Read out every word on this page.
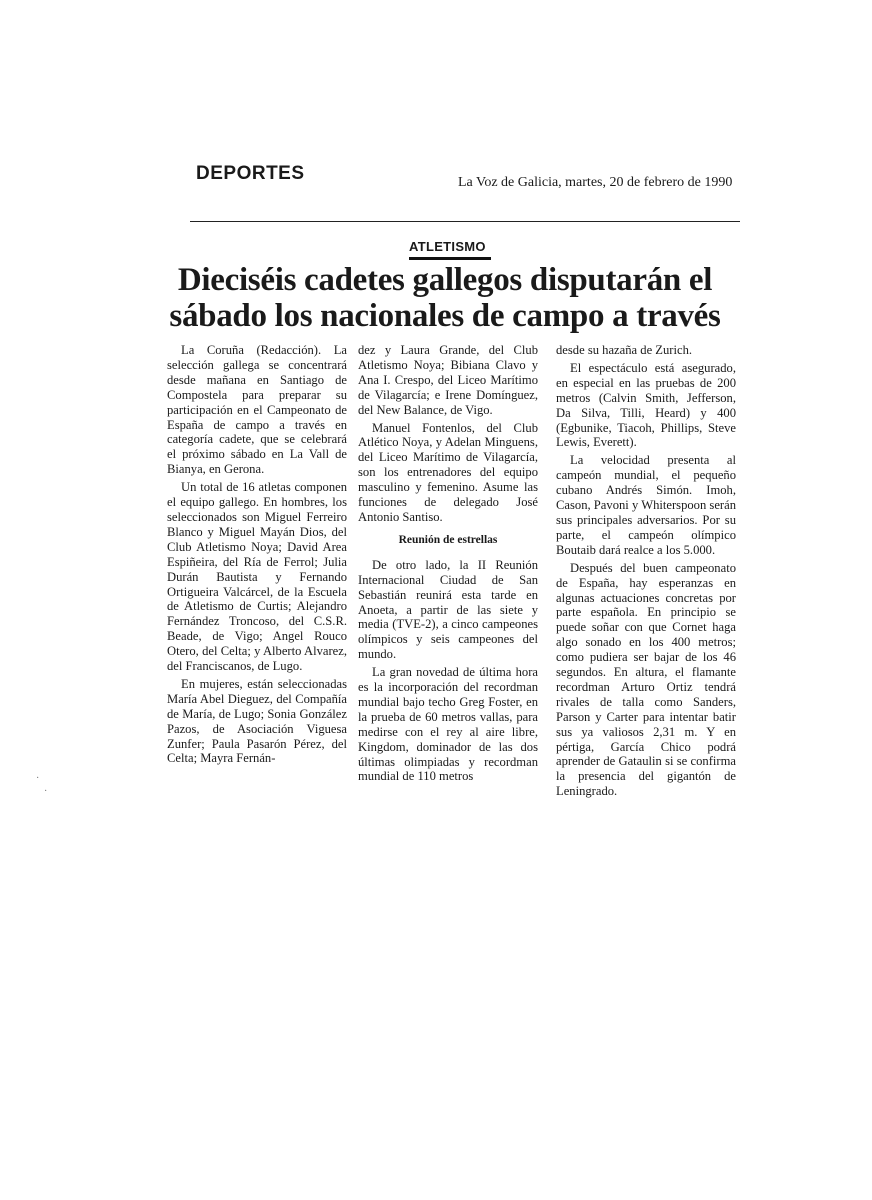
DEPORTES	La Voz de Galicia, martes, 20 de febrero de 1990
ATLETISMO
Dieciséis cadetes gallegos disputarán el sábado los nacionales de campo a través

La Coruña (Redacción). La selección gallega se concentrará desde mañana en Santiago de Compostela para preparar su participación en el Campeonato de España de campo a través en categoría cadete, que se celebrará el próximo sábado en La Vall de Bianya, en Gerona.

Un total de 16 atletas componen el equipo gallego. En hombres, los seleccionados son Miguel Ferreiro Blanco y Miguel Mayán Dios, del Club Atletismo Noya; David Area Espiñeira, del Ría de Ferrol; Julia Durán Bautista y Fernando Ortigueira Valcárcel, de la Escuela de Atletismo de Curtis; Alejandro Fernández Troncoso, del C.S.R. Beade, de Vigo; Angel Rouco Otero, del Celta; y Alberto Alvarez, del Franciscanos, de Lugo.

En mujeres, están seleccionadas María Abel Dieguez, del Compañía de María, de Lugo; Sonia González Pazos, de Asociación Viguesa Zunfer; Paula Pasarón Pérez, del Celta; Mayra Fernán-

dez y Laura Grande, del Club Atletismo Noya; Bibiana Clavo y Ana I. Crespo, del Liceo Marítimo de Vilagarcía; e Irene Domínguez, del New Balance, de Vigo.

Manuel Fontenlos, del Club Atlético Noya, y Adelan Minguens, del Liceo Marítimo de Vilagarcía, son los entrenadores del equipo masculino y femenino. Asume las funciones de delegado José Antonio Santiso.

Reunión de estrellas

De otro lado, la II Reunión Internacional Ciudad de San Sebastián reunirá esta tarde en Anoeta, a partir de las siete y media (TVE-2), a cinco campeones olímpicos y seis campeones del mundo.

La gran novedad de última hora es la incorporación del recordman mundial bajo techo Greg Foster, en la prueba de 60 metros vallas, para medirse con el rey al aire libre, Kingdom, dominador de las dos últimas olimpiadas y recordman mundial de 110 metros

desde su hazaña de Zurich.

El espectáculo está asegurado, en especial en las pruebas de 200 metros (Calvin Smith, Jefferson, Da Silva, Tilli, Heard) y 400 (Egbunike, Tiacoh, Phillips, Steve Lewis, Everett).

La velocidad presenta al campeón mundial, el pequeño cubano Andrés Simón. Imoh, Cason, Pavoni y Whiterspoon serán sus principales adversarios. Por su parte, el campeón olímpico Boutaib dará realce a los 5.000.

Después del buen campeonato de España, hay esperanzas en algunas actuaciones concretas por parte española. En principio se puede soñar con que Cornet haga algo sonado en los 400 metros; como pudiera ser bajar de los 46 segundos. En altura, el flamante recordman Arturo Ortiz tendrá rivales de talla como Sanders, Parson y Carter para intentar batir sus ya valiosos 2,31 m. Y en pértiga, García Chico podrá aprender de Gataulin si se confirma la presencia del gigantón de Leningrado.

·
·
